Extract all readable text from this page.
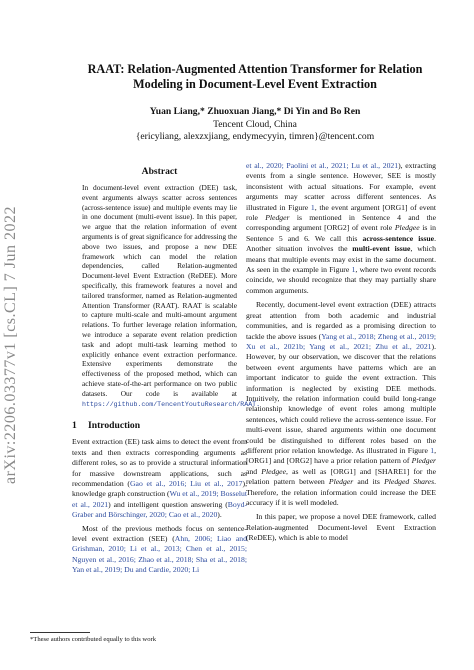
arXiv:2206.03377v1 [cs.CL] 7 Jun 2022
RAAT: Relation-Augmented Attention Transformer for Relation
Modeling in Document-Level Event Extraction
Yuan Liang,* Zhuoxuan Jiang,* Di Yin and Bo Ren
Tencent Cloud, China
{ericyliang, alexzxjiang, endymecyyin, timren}@tencent.com
Abstract
In document-level event extraction (DEE) task, event arguments always scatter across sentences (across-sentence issue) and multiple events may lie in one document (multi-event issue). In this paper, we argue that the relation information of event arguments is of great significance for addressing the above two issues, and propose a new DEE framework which can model the relation dependencies, called Relation-augmented Document-level Event Extraction (ReDEE). More specifically, this framework features a novel and tailored transformer, named as Relation-augmented Attention Transformer (RAAT). RAAT is scalable to capture multi-scale and multi-amount argument relations. To further leverage relation information, we introduce a separate event relation prediction task and adopt multi-task learning method to explicitly enhance event extraction performance. Extensive experiments demonstrate the effectiveness of the proposed method, which can achieve state-of-the-art performance on two public datasets. Our code is available at https://github.com/TencentYoutuResearch/RAAT.
1 Introduction

Event extraction (EE) task aims to detect the event from texts and then extracts corresponding arguments as different roles, so as to provide a structural information for massive downstream applications, such as recommendation (Gao et al., 2016; Liu et al., 2017), knowledge graph construction (Wu et al., 2019; Bosselut et al., 2021) and intelligent question answering (Boyd-Graber and Börschinger, 2020; Cao et al., 2020).

Most of the previous methods focus on sentence-level event extraction (SEE) (Ahn, 2006; Liao and Grishman, 2010; Li et al., 2013; Chen et al., 2015; Nguyen et al., 2016; Zhao et al., 2018; Sha et al., 2018; Yan et al., 2019; Du and Cardie, 2020; Li

et al., 2020; Paolini et al., 2021; Lu et al., 2021), extracting events from a single sentence. However, SEE is mostly inconsistent with actual situations. For example, event arguments may scatter across different sentences. As illustrated in Figure 1, the event argument [ORG1] of event role Pledger is mentioned in Sentence 4 and the corresponding argument [ORG2] of event role Pledgee is in Sentence 5 and 6. We call this across-sentence issue. Another situation involves the multi-event issue, which means that multiple events may exist in the same document. As seen in the example in Figure 1, where two event records coincide, we should recognize that they may partially share common arguments.

Recently, document-level event extraction (DEE) attracts great attention from both academic and industrial communities, and is regarded as a promising direction to tackle the above issues (Yang et al., 2018; Zheng et al., 2019; Xu et al., 2021b; Yang et al., 2021; Zhu et al., 2021). However, by our observation, we discover that the relations between event arguments have patterns which are an important indicator to guide the event extraction. This information is neglected by existing DEE methods. Intuitively, the relation information could build long-range relationship knowledge of event roles among multiple sentences, which could relieve the across-sentence issue. For multi-event issue, shared arguments within one document could be distinguished to different roles based on the different prior relation knowledge. As illustrated in Figure 1, [ORG1] and [ORG2] have a prior relation pattern of Pledger and Pledgee, as well as [ORG1] and [SHARE1] for the relation pattern between Pledger and its Pledged Shares. Therefore, the relation information could increase the DEE accuracy if it is well modeled.

In this paper, we propose a novel DEE framework, called Relation-augmented Document-level Event Extraction (ReDEE), which is able to model

*These authors contributed equally to this work
